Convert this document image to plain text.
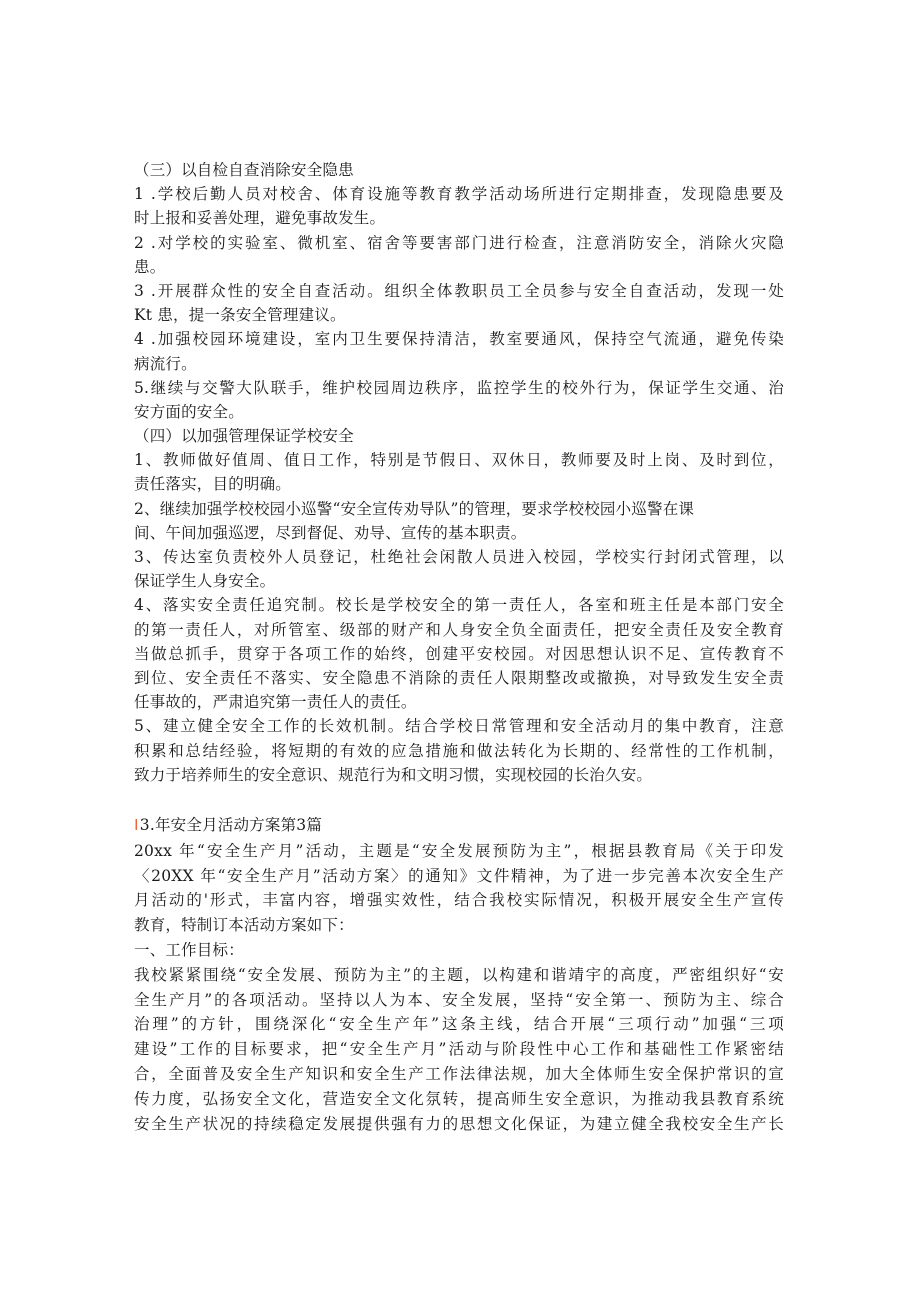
（三）以自检自查消除安全隐患
1 .学校后勤人员对校舍、体育设施等教育教学活动场所进行定期排查，发现隐患要及
时上报和妥善处理，避免事故发生。
2 .对学校的实验室、微机室、宿舍等要害部门进行检查，注意消防安全，消除火灾隐
患。
3 .开展群众性的安全自查活动。组织全体教职员工全员参与安全自查活动，发现一处
Kt 患，提一条安全管理建议。
4 .加强校园环境建设，室内卫生要保持清洁，教室要通风，保持空气流通，避免传染
病流行。
5.继续与交警大队联手，维护校园周边秩序，监控学生的校外行为，保证学生交通、治
安方面的安全。
（四）以加强管理保证学校安全
1、教师做好值周、值日工作，特别是节假日、双休日，教师要及时上岗、及时到位，
责任落实，目的明确。
2、继续加强学校校园小巡警“安全宣传劝导队”的管理，要求学校校园小巡警在课
间、午间加强巡逻，尽到督促、劝导、宣传的基本职责。
3、传达室负责校外人员登记，杜绝社会闲散人员进入校园，学校实行封闭式管理，以
保证学生人身安全。
4、落实安全责任追究制。校长是学校安全的第一责任人，各室和班主任是本部门安全
的第一责任人，对所管室、级部的财产和人身安全负全面责任，把安全责任及安全教育
当做总抓手，贯穿于各项工作的始终，创建平安校园。对因思想认识不足、宣传教育不
到位、安全责任不落实、安全隐患不消除的责任人限期整改或撤换，对导致发生安全责
任事故的，严肃追究第一责任人的责任。
5、建立健全安全工作的长效机制。结合学校日常管理和安全活动月的集中教育，注意
积累和总结经验，将短期的有效的应急措施和做法转化为长期的、经常性的工作机制，
致力于培养师生的安全意识、规范行为和文明习惯，实现校园的长治久安。
I3.年安全月活动方案第3篇
20xx 年“安全生产月”活动，主题是“安全发展预防为主”，根据县教育局《关于印发
〈20XX 年“安全生产月”活动方案〉的通知》文件精神，为了进一步完善本次安全生产
月活动的'形式，丰富内容，增强实效性，结合我校实际情况，积极开展安全生产宣传
教育，特制订本活动方案如下：
一、工作目标：
我校紧紧围绕“安全发展、预防为主”的主题，以构建和谐靖宇的高度，严密组织好“安
全生产月”的各项活动。坚持以人为本、安全发展，坚持“安全第一、预防为主、综合
治理”的方针，围绕深化“安全生产年”这条主线，结合开展“三项行动”加强“三项
建设”工作的目标要求，把“安全生产月”活动与阶段性中心工作和基础性工作紧密结
合，全面普及安全生产知识和安全生产工作法律法规，加大全体师生安全保护常识的宣
传力度，弘扬安全文化，营造安全文化氛转，提高师生安全意识，为推动我县教育系统
安全生产状况的持续稳定发展提供强有力的思想文化保证，为建立健全我校安全生产长
